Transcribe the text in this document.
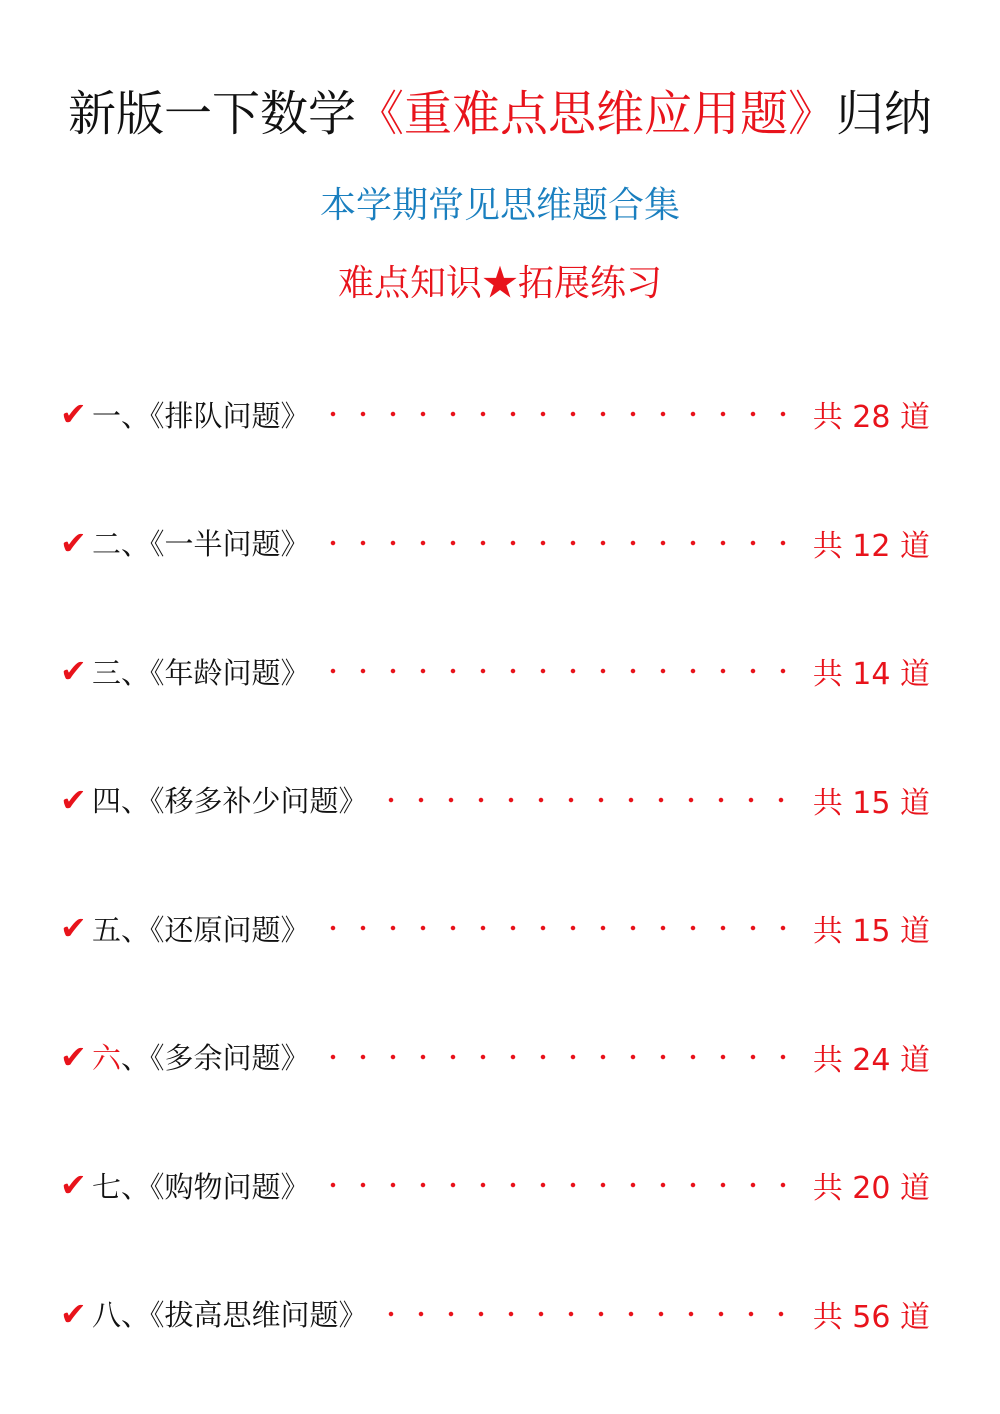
新版一下数学《重难点思维应用题》归纳
本学期常见思维题合集
难点知识★拓展练习
✔ 一、《排队问题》	共 28 道
✔ 二、《一半问题》	共 12 道
✔ 三、《年龄问题》	共 14 道
✔ 四、《移多补少问题》	共 15 道
✔ 五、《还原问题》	共 15 道
✔ 六、《多余问题》	共 24 道
✔ 七、《购物问题》	共 20 道
✔ 八、《拔高思维问题》	共 56 道
